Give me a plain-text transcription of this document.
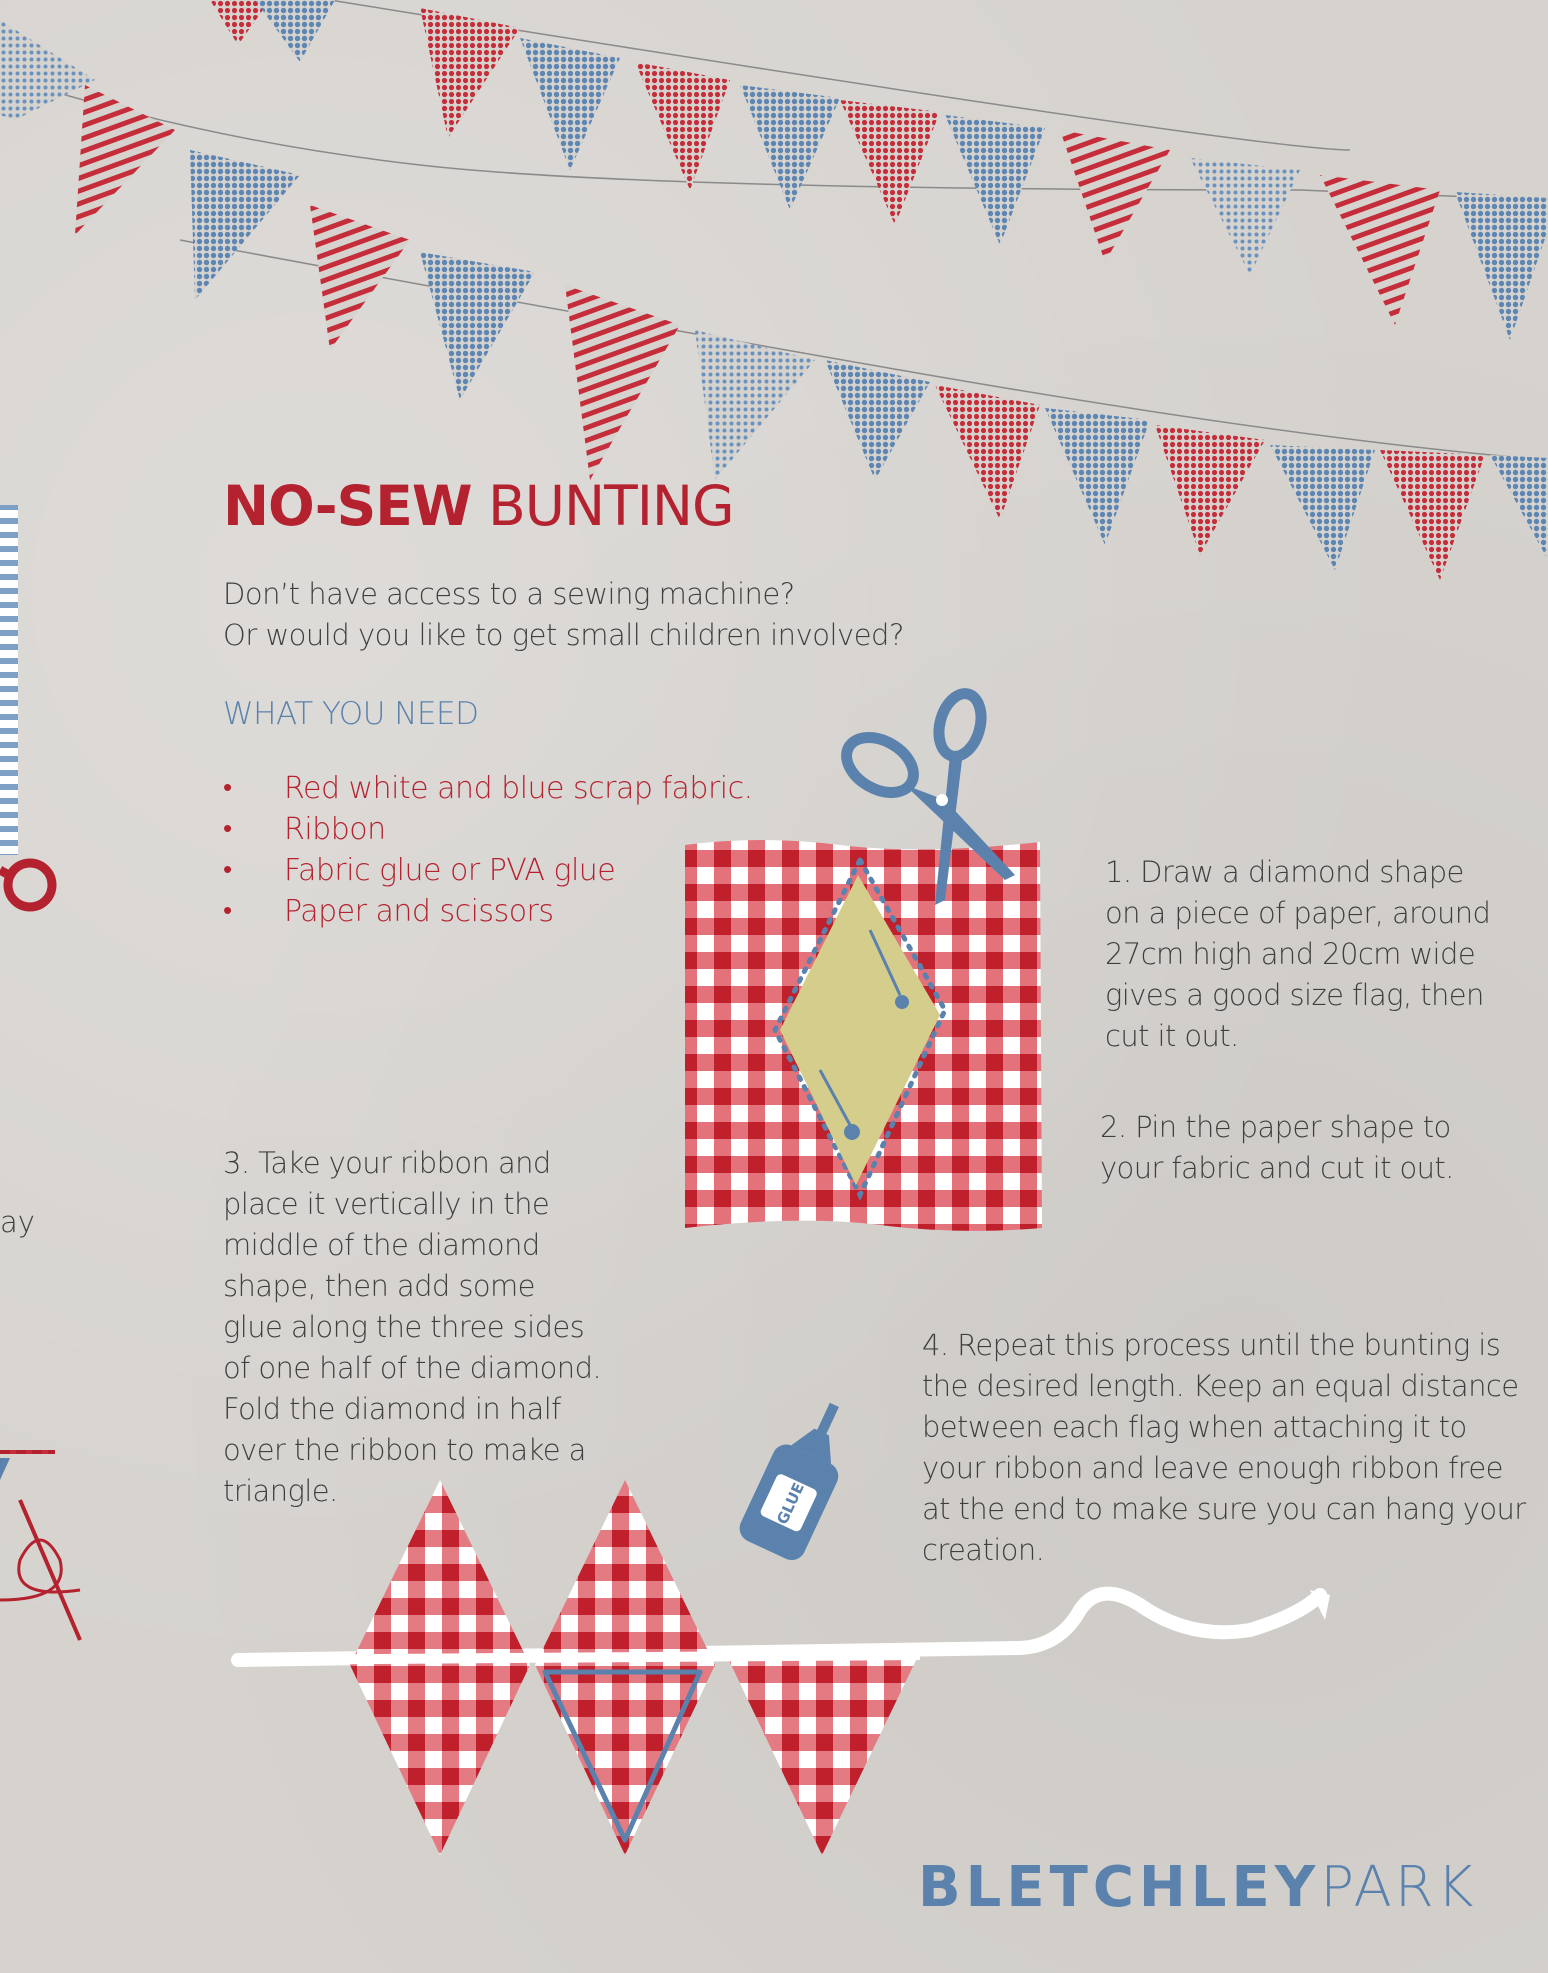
GLUE
NO-SEW BUNTING
Don’t have access to a sewing machine?
Or would you like to get small children involved?
WHAT YOU NEED
• Red white and blue scrap fabric.
• Ribbon
• Fabric glue or PVA glue
• Paper and scissors
1. Draw a diamond shape
on a piece of paper, around
27cm high and 20cm wide
gives a good size flag, then
cut it out.
2. Pin the paper shape to
your fabric and cut it out.
3. Take your ribbon and
place it vertically in the
middle of the diamond
shape, then add some
glue along the three sides
of one half of the diamond.
Fold the diamond in half
over the ribbon to make a
triangle.
4. Repeat this process until the bunting is
the desired length. Keep an equal distance
between each flag when attaching it to
your ribbon and leave enough ribbon free
at the end to make sure you can hang your
creation.
ay
BLETCHLEYPARK
